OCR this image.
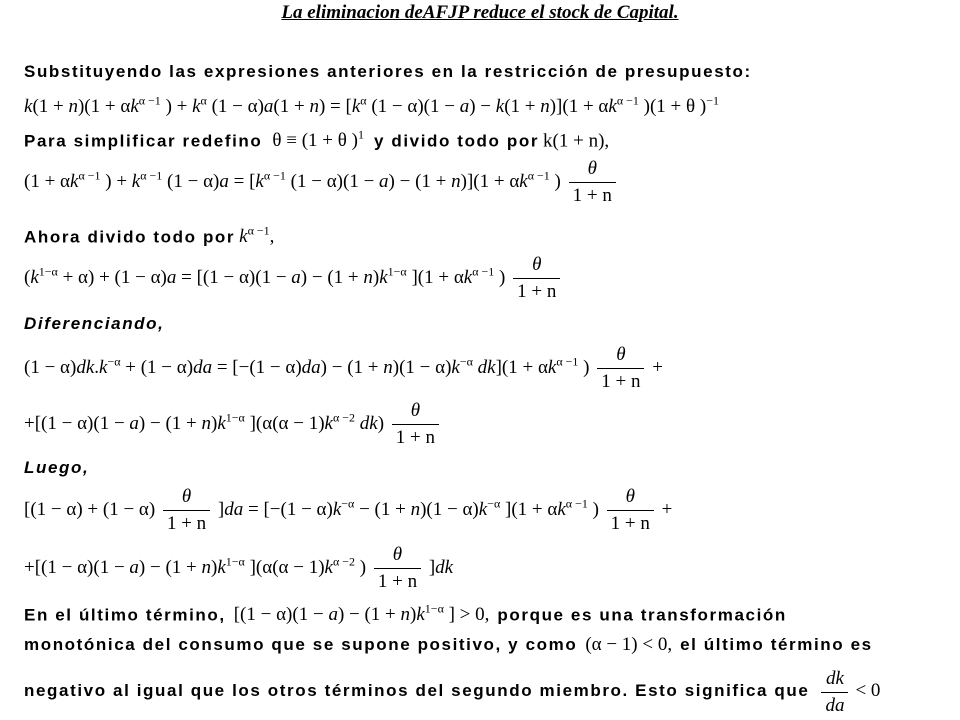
La eliminacion deAFJP reduce el stock de Capital.
Substituyendo las expresiones anteriores en la restricción de presupuesto:
$k(1 + n)(1 + \alpha k^{\alpha -1}$ ) + $k^\alpha$ $(1 - \alpha)a(1 + n) = [k^\alpha$ $(1 - \alpha)(1 - a) - k(1 + n)](1 + \alpha k^{\alpha -1}$ )(1 + θ )$^{-1}$
Para simplificar redefino θ ≡ (1 + θ )$^1$ y divido todo por k(1 + n),
($1 + \alpha k^{\alpha -1}$ ) + $k^{\alpha -1}$ $(1 - \alpha)a = [k^{\alpha -1}$ $(1 - \alpha)(1 - a) - (1 + n)](1 + \alpha k^{\alpha -1}$ ) $\frac{\theta}{1 + n}$
Ahora divido todo por $k^{\alpha -1}$,
$(k^{1-\alpha} + \alpha) + (1 - \alpha)a = [(1 - \alpha)(1 - a) - (1 + n)k^{1-\alpha}$ ]($1 + \alpha k^{\alpha -1}$ ) $\frac{\theta}{1 + n}$
Diferenciando,
$(1 - \alpha)dk.k^{-\alpha} + (1 - \alpha)da = [-(1 - \alpha)da) - (1 + n)(1 - \alpha)k^{-\alpha}$ $dk](1 + \alpha k^{\alpha -1}$ ) $\frac{\theta}{1 + n}$ +
$+[(1 - \alpha)(1 - a) - (1 + n)k^{1-\alpha}$ ]($\alpha(\alpha - 1)k^{\alpha -2}$ $dk) \frac{\theta}{1 + n}$
Luego,
$[(1 - \alpha) + (1 - \alpha) \frac{\theta}{1 + n} ]da = [-(1 - \alpha)k^{-\alpha} - (1 + n)(1 - \alpha)k^{-\alpha}$ ]($1 + \alpha k^{\alpha -1}$ ) $\frac{\theta}{1 + n}$ +
$+[(1 - \alpha)(1 - a) - (1 + n)k^{1-\alpha}$ ]($\alpha(\alpha - 1)k^{\alpha -2}$ ) $\frac{\theta}{1 + n} ]dk$
En el último término, [$(1 - \alpha)(1 - a) - (1 + n)k^{1-\alpha}$ ] > 0, porque es una transformación
monotónica del consumo que se supone positivo, y como (α − 1) < 0, el último término es
negativo al igual que los otros términos del segundo miembro. Esto significa que $\frac{dk}{da} < 0$
